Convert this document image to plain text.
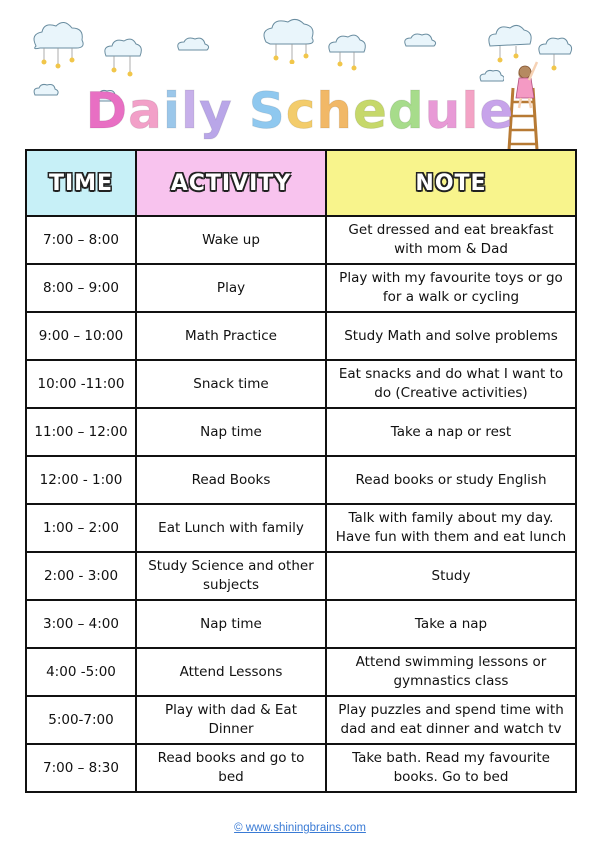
Daily Schedule
TIME	ACTIVITY	NOTE
7:00 – 8:00	Wake up	Get dressed and eat breakfast with mom & Dad
8:00 – 9:00	Play	Play with my favourite toys or go for a walk or cycling
9:00 – 10:00	Math Practice	Study Math and solve problems
10:00 -11:00	Snack time	Eat snacks and do what I want to do (Creative activities)
11:00 – 12:00	Nap time	Take a nap or rest
12:00 - 1:00	Read Books	Read books or study English
1:00 – 2:00	Eat Lunch with family	Talk with family about my day. Have fun with them and eat lunch
2:00 - 3:00	Study Science and other subjects	Study
3:00 – 4:00	Nap time	Take a nap
4:00 -5:00	Attend Lessons	Attend swimming lessons or gymnastics class
5:00-7:00	Play with dad & Eat Dinner	Play puzzles and spend time with dad and eat dinner and watch tv
7:00 – 8:30	Read books and go to bed	Take bath. Read my favourite books. Go to bed
© www.shiningbrains.com
